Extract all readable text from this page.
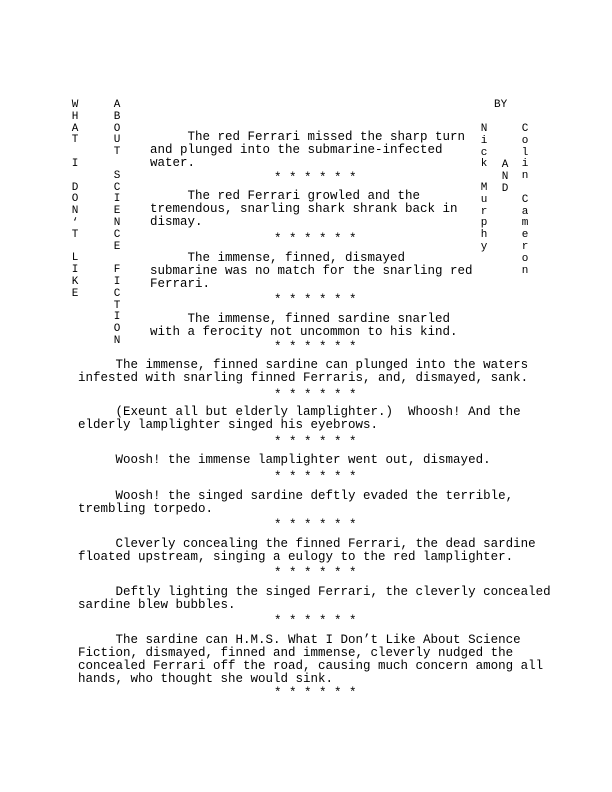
W
H
A
T

I

D
O
N
‘
T

L
I
K
E
A
B
O
U
T

S
C
I
E
N
C
E

F
I
C
T
I
O
N
BY
N
i
c
k

M
u
r
p
h
y
A
N
D
C
o
l
i
n

C
a
m
e
r
o
n
The red Ferrari missed the sharp turn
and plunged into the submarine-infected
water.
* * * * * *
The red Ferrari growled and the
tremendous, snarling shark shrank back in
dismay.
* * * * * *
The immense, finned, dismayed
submarine was no match for the snarling red
Ferrari.
* * * * * *
The immense, finned sardine snarled
with a ferocity not uncommon to his kind.
* * * * * *
The immense, finned sardine can plunged into the waters
infested with snarling finned Ferraris, and, dismayed, sank.
* * * * * *
(Exeunt all but elderly lamplighter.)  Whoosh! And the
elderly lamplighter singed his eyebrows.
* * * * * *
Woosh! the immense lamplighter went out, dismayed.
* * * * * *
Woosh! the singed sardine deftly evaded the terrible,
trembling torpedo.
* * * * * *
Cleverly concealing the finned Ferrari, the dead sardine
floated upstream, singing a eulogy to the red lamplighter.
* * * * * *
Deftly lighting the singed Ferrari, the cleverly concealed
sardine blew bubbles.
* * * * * *
The sardine can H.M.S. What I Don’t Like About Science
Fiction, dismayed, finned and immense, cleverly nudged the
concealed Ferrari off the road, causing much concern among all
hands, who thought she would sink.
* * * * * *
